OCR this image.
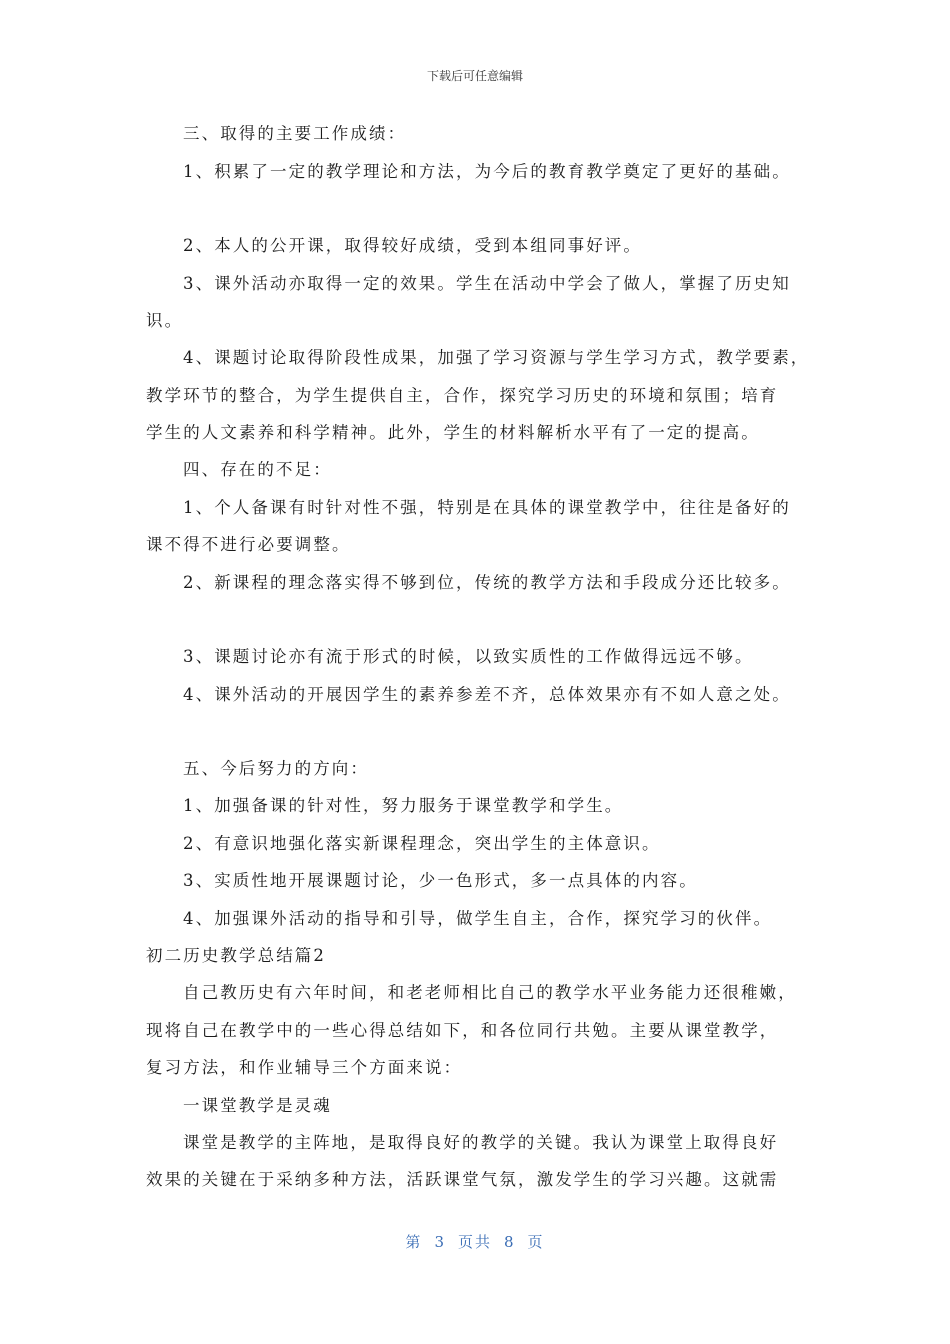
下载后可任意编辑
三、取得的主要工作成绩：
1、积累了一定的教学理论和方法，为今后的教育教学奠定了更好的基础。
2、本人的公开课，取得较好成绩，受到本组同事好评。
3、课外活动亦取得一定的效果。学生在活动中学会了做人，掌握了历史知
识。
4、课题讨论取得阶段性成果，加强了学习资源与学生学习方式，教学要素，
教学环节的整合，为学生提供自主，合作，探究学习历史的环境和氛围；培育
学生的人文素养和科学精神。此外，学生的材料解析水平有了一定的提高。
四、存在的不足：
1、个人备课有时针对性不强，特别是在具体的课堂教学中，往往是备好的
课不得不进行必要调整。
2、新课程的理念落实得不够到位，传统的教学方法和手段成分还比较多。
3、课题讨论亦有流于形式的时候，以致实质性的工作做得远远不够。
4、课外活动的开展因学生的素养参差不齐，总体效果亦有不如人意之处。
五、今后努力的方向：
1、加强备课的针对性，努力服务于课堂教学和学生。
2、有意识地强化落实新课程理念，突出学生的主体意识。
3、实质性地开展课题讨论，少一色形式，多一点具体的内容。
4、加强课外活动的指导和引导，做学生自主，合作，探究学习的伙伴。
初二历史教学总结篇2
自己教历史有六年时间，和老老师相比自己的教学水平业务能力还很稚嫩，
现将自己在教学中的一些心得总结如下，和各位同行共勉。主要从课堂教学，
复习方法，和作业辅导三个方面来说：
一课堂教学是灵魂
课堂是教学的主阵地，是取得良好的教学的关键。我认为课堂上取得良好
效果的关键在于采纳多种方法，活跃课堂气氛，激发学生的学习兴趣。这就需
第 3 页共 8 页
